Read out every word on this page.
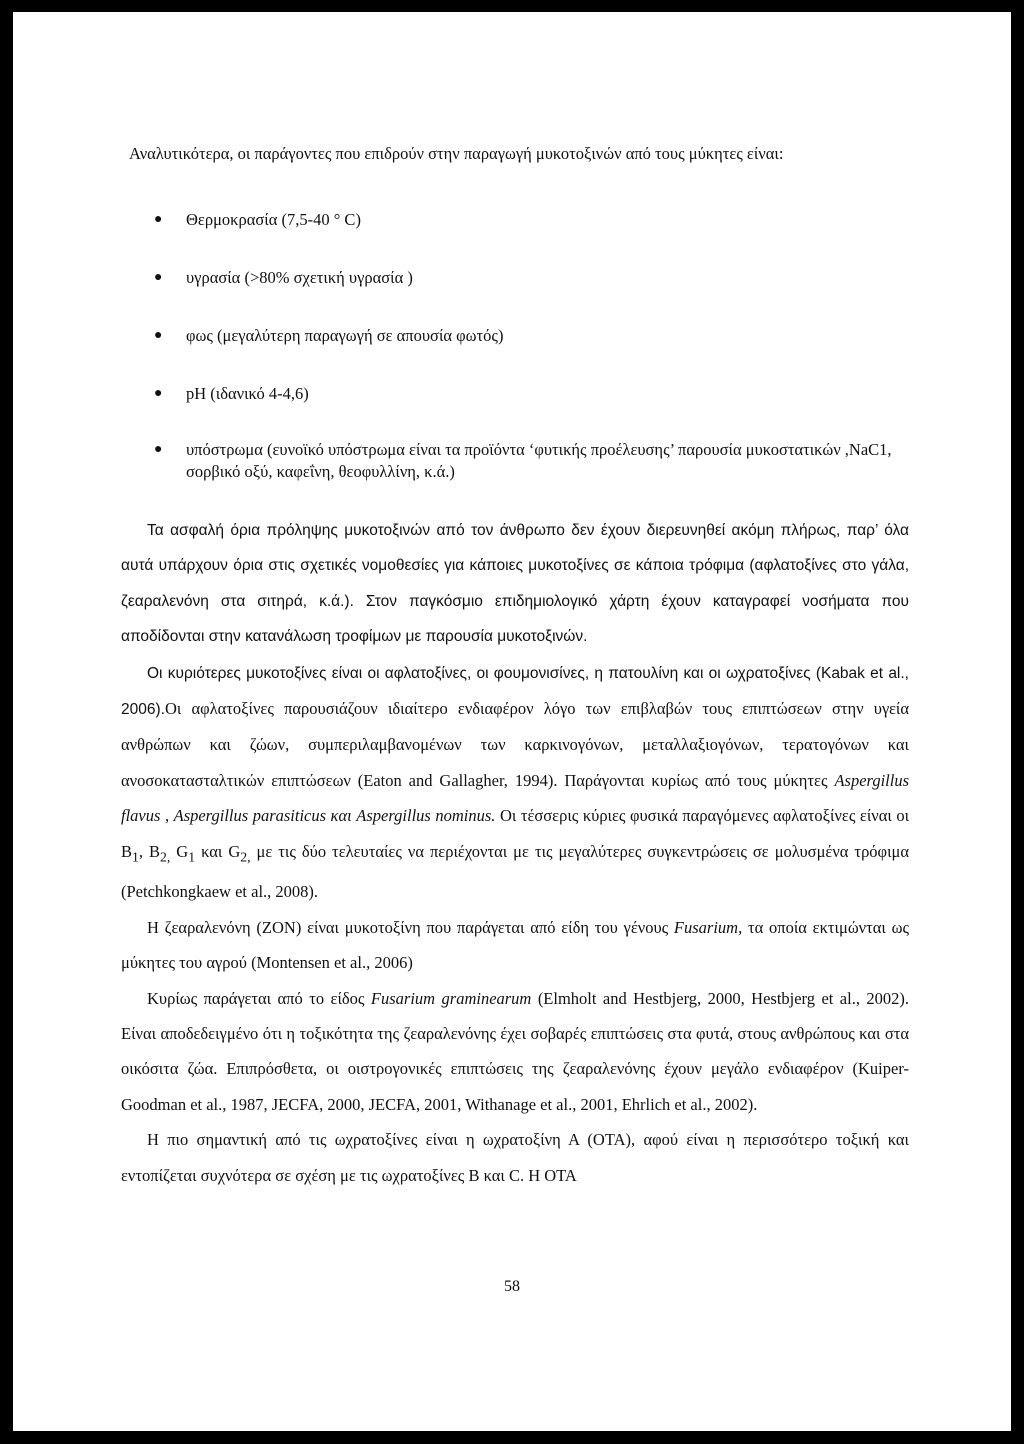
Αναλυτικότερα, οι παράγοντες που επιδρούν στην παραγωγή μυκοτοξινών από τους μύκητες είναι:

● Θερμοκρασία (7,5-40 ° C)
● υγρασία (>80% σχετική υγρασία )
● φως (μεγαλύτερη παραγωγή σε απουσία φωτός)
● pH (ιδανικό 4-4,6)
● υπόστρωμα (ευνοϊκό υπόστρωμα είναι τα προϊόντα ‘φυτικής προέλευσης’ παρουσία μυκοστατικών ,NaC1, σορβικό οξύ, καφεΐνη, θεοφυλλίνη, κ.ά.)

Τα ασφαλή όρια πρόληψης μυκοτοξινών από τον άνθρωπο δεν έχουν διερευνηθεί ακόμη πλήρως, παρ’ όλα αυτά υπάρχουν όρια στις σχετικές νομοθεσίες για κάποιες μυκοτοξίνες σε κάποια τρόφιμα (αφλατοξίνες στο γάλα, ζεαραλενόνη στα σιτηρά, κ.ά.). Στον παγκόσμιο επιδημιολογικό χάρτη έχουν καταγραφεί νοσήματα που αποδίδονται στην κατανάλωση τροφίμων με παρουσία μυκοτοξινών.

Οι κυριότερες μυκοτοξίνες είναι οι αφλατοξίνες, οι φουμονισίνες, η πατουλίνη και οι ωχρατοξίνες (Kabak et al., 2006).Οι αφλατοξίνες παρουσιάζουν ιδιαίτερο ενδιαφέρον λόγο των επιβλαβών τους επιπτώσεων στην υγεία ανθρώπων και ζώων, συμπεριλαμβανομένων των καρκινογόνων, μεταλλαξιογόνων, τερατογόνων και ανοσοκατασταλτικών επιπτώσεων (Eaton and Gallagher, 1994). Παράγονται κυρίως από τους μύκητες Aspergillus flavus , Aspergillus parasiticus και Aspergillus nominus. Οι τέσσερις κύριες φυσικά παραγόμενες αφλατοξίνες είναι οι $B_1$, $B_{2,}$ $G_1$ και $G_{2,}$ με τις δύο τελευταίες να περιέχονται με τις μεγαλύτερες συγκεντρώσεις σε μολυσμένα τρόφιμα (Petchkongkaew et al., 2008).

Η ζεαραλενόνη (ZON) είναι μυκοτοξίνη που παράγεται από είδη του γένους Fusarium, τα οποία εκτιμώνται ως μύκητες του αγρού (Montensen et al., 2006)

Κυρίως παράγεται από το είδος Fusarium graminearum (Elmholt and Hestbjerg, 2000, Hestbjerg et al., 2002). Είναι αποδεδειγμένο ότι η τοξικότητα της ζεαραλενόνης έχει σοβαρές επιπτώσεις στα φυτά, στους ανθρώπους και στα οικόσιτα ζώα. Επιπρόσθετα, οι οιστρογονικές επιπτώσεις της ζεαραλενόνης έχουν μεγάλο ενδιαφέρον (Kuiper-Goodman et al., 1987, JECFA, 2000, JECFA, 2001, Withanage et al., 2001, Ehrlich et al., 2002).

Η πιο σημαντική από τις ωχρατοξίνες είναι η ωχρατοξίνη Α (ΟΤΑ), αφού είναι η περισσότερο τοξική και εντοπίζεται συχνότερα σε σχέση με τις ωχρατοξίνες Β και C. Η ΟΤΑ

58
